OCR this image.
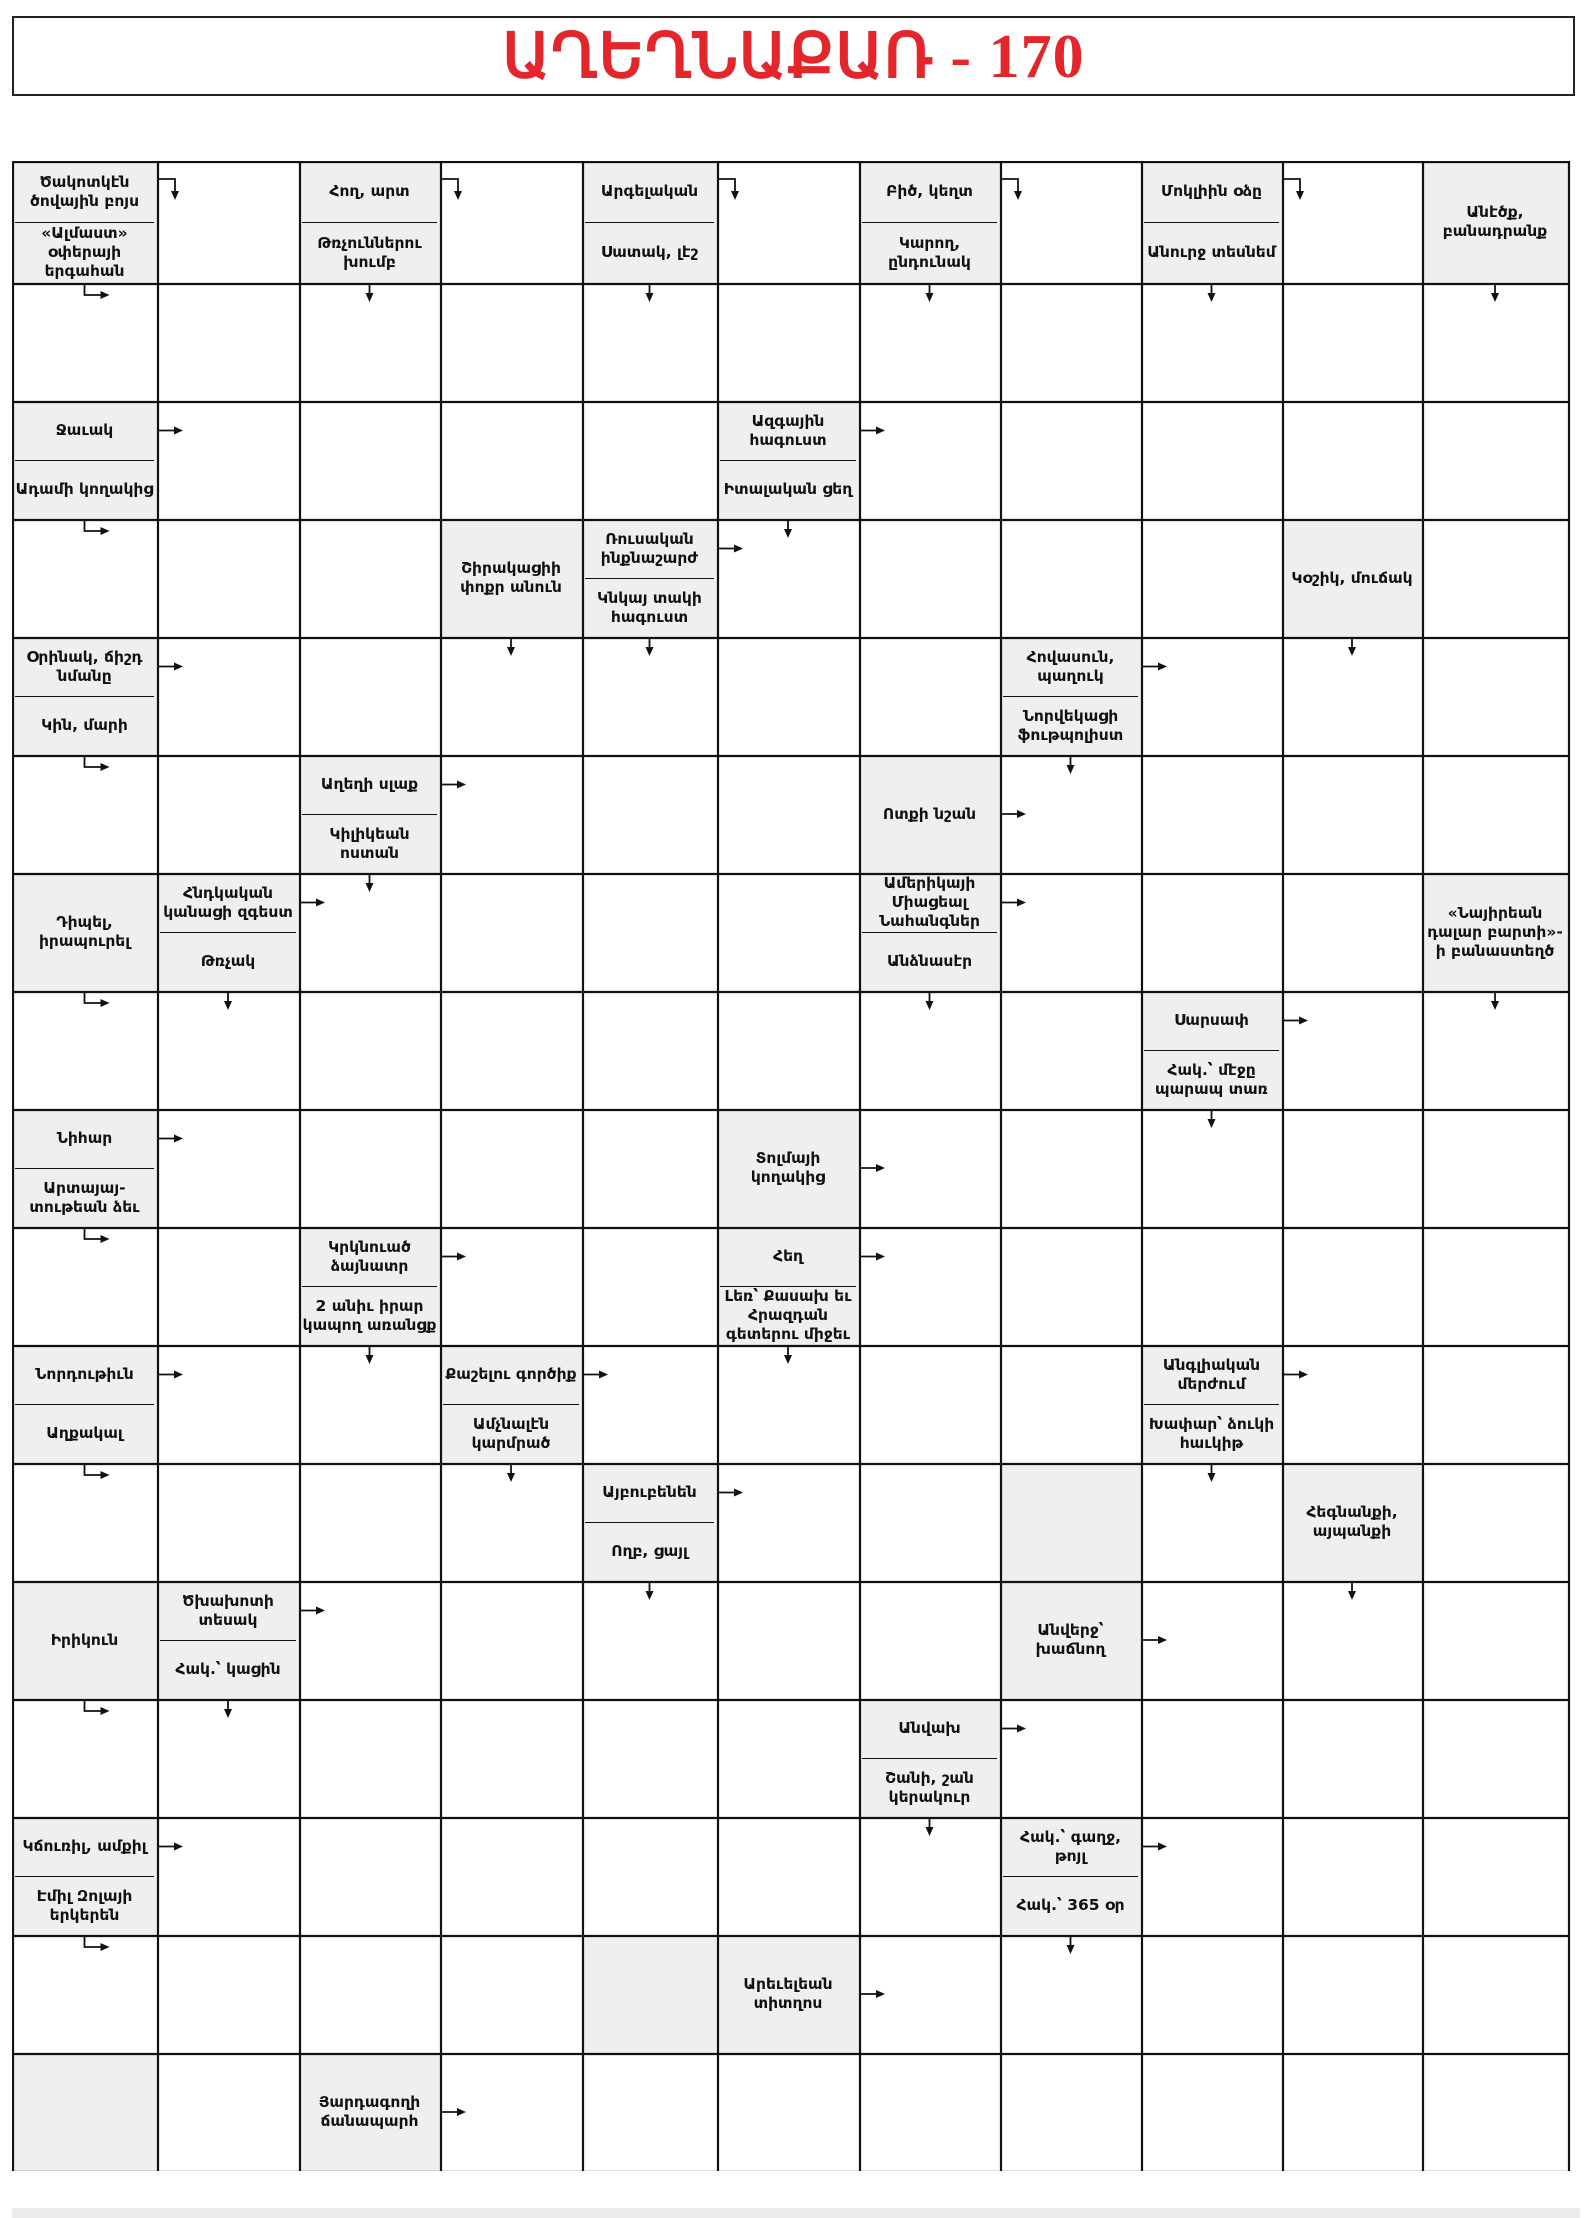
ԱՂԵՂՆԱՔԱՌ - 170
Ծակոտկէն ծովային բոյս
«Ալմաստ» օփերայի երգահան
Հող, արտ
Թռչուններու խումբ
Արգելական
Սատակ, լէշ
Բիծ, կեղտ
Կարող, ընդունակ
Մոկլիին օձը
Անուրջ տեսնեմ
Անէծք, բանադրանք
Ջաւակ
Ադամի կողակից
Ազգային հագուստ
Իտալական ցեղ
Շիրակացիի փոքր անուն
Ռուսական ինքնաշարժ
Կնկայ տակի հագուստ
Կօշիկ, մուճակ
Օրինակ, ճիշդ նմանը
Կին, մարի
Հովասուն, պաղուկ
Նորվեկացի ֆութպոլիստ
Աղեղի սլաք
Կիլիկեան ոստան
Ոտքի նշան
Դիպել, իրապուրել
Հնդկական կանացի զգեստ
Թռչակ
Ամերիկայի Միացեալ Նահանգներ
Անձնասէր
«Նայիրեան դալար բարտի»-ի բանաստեղծ
Սարսափ
Հակ.՝ մէջը պարապ տառ
Նիհար
Արտայայ- տութեան ձեւ
Տոլմայի կողակից
Կրկնուած ձայնատր
2 անիւ իրար կապող առանցք
Հեղ
Լեռ՝ Քասախ եւ Հրազդան գետերու միջեւ
Նորդութիւն
Աղքակալ
Քաշելու գործիք
Ամչնալէն կարմրած
Անգլիական մերժում
Խափար՝ ձուկի հաւկիթ
Այբուբենեն
Ողբ, ցայլ
Հեգնանքի, այպանքի
Իրիկուն
Ծխախոտի տեսակ
Հակ.՝ կացին
Անվերջ՝ խաճնող
Անվախ
Շանի, շան կերակուր
Կճուռիլ, ամքիլ
Էմիլ Զոլայի երկերեն
Հակ.՝ գաղջ, թոյլ
Հակ.՝ 365 օր
Արեւելեան տիտղոս
Յարդագողի ճանապարհ
